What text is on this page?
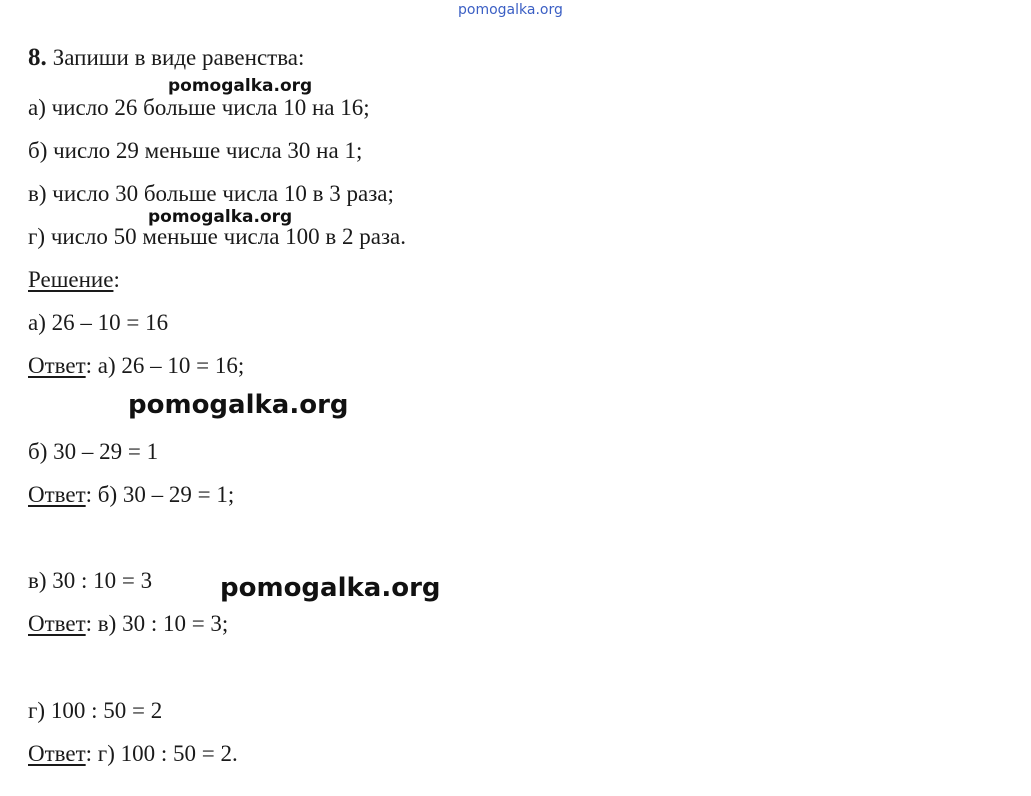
pomogalka.org
8. Запиши в виде равенства:
а) число 26 больше числа 10 на 16;
б) число 29 меньше числа 30 на 1;
в) число 30 больше числа 10 в 3 раза;
г) число 50 меньше числа 100 в 2 раза.
Решение:
а) 26 – 10 = 16
Ответ: а) 26 – 10 = 16;
б) 30 – 29 = 1
Ответ: б) 30 – 29 = 1;
в) 30 : 10 = 3
Ответ: в) 30 : 10 = 3;
г) 100 : 50 = 2
Ответ: г) 100 : 50 = 2.
pomogalka.org
pomogalka.org
pomogalka.org
pomogalka.org
